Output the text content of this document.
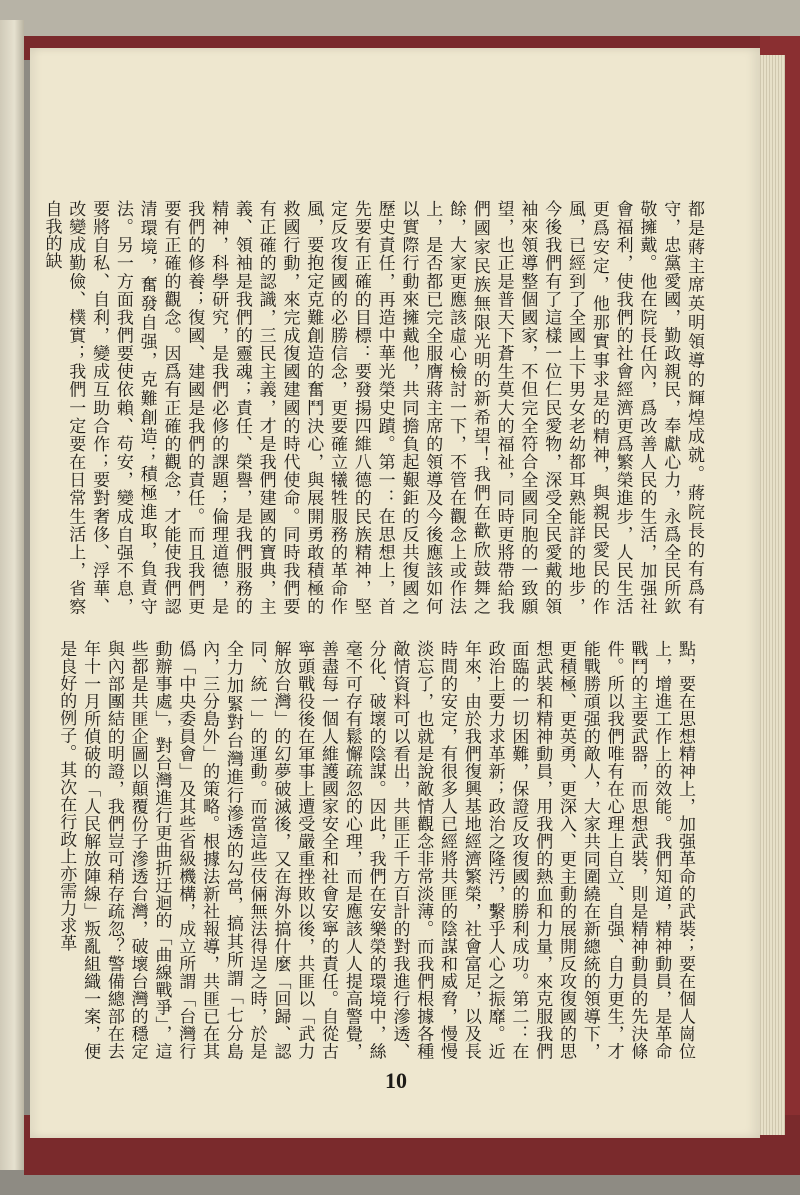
都是蔣主席英明領導的輝煌成就。蔣院長的有爲有守，忠黨愛國，勤政親民，奉獻心力，永爲全民所欽敬擁戴。他在院長任內，爲改善人民的生活，加强社會福利，使我們的社會經濟更爲繁榮進步，人民生活更爲安定，他那實事求是的精神，與親民愛民的作風，已經到了全國上下男女老幼都耳熟能詳的地步，今後我們有了這樣一位仁民愛物，深受全民愛戴的領袖來領導整個國家，不但完全符合全國同胞的一致願望，也正是普天下蒼生莫大的福祉，同時更將帶給我們國家民族無限光明的新希望！我們在歡欣鼓舞之餘，大家更應該虛心檢討一下，不管在觀念上或作法上，是否都已完全服膺蔣主席的領導及今後應該如何以實際行動來擁戴他，共同擔負起艱鉅的反共復國之歷史責任，再造中華光榮史蹟。第一：在思想上，首先要有正確的目標：要發揚四維八德的民族精神，堅定反攻復國的必勝信念，更要確立犧牲服務的革命作風，要抱定克難創造的奮鬥決心，與展開勇敢積極的救國行動，來完成復國建國的時代使命。同時我們要有正確的認識，三民主義，才是我們建國的寶典，主義、領袖是我們的靈魂；責任、榮譽，是我們服務的精神，科學研究，是我們必修的課題；倫理道德，是我們的修養；復國、建國是我們的責任。而且我們更要有正確的觀念。因爲有正確的觀念，才能使我們認清環境，奮發自强，克難創造；積極進取，負責守法。另一方面我們要使依賴、苟安，變成自强不息，要將自私、自利，變成互助合作；要對奢侈、浮華、改變成勤儉、樸實；我們一定要在日常生活上，省察自我的缺
點，要在思想精神上，加强革命的武裝；要在個人崗位上，增進工作上的效能。我們知道，精神動員，是革命戰鬥的主要武器，而思想武裝，則是精神動員的先決條件。所以我們唯有在心理上自立、自强、自力更生，才能戰勝頑强的敵人，大家共同圍繞在新總統的領導下，更積極、更英勇、更深入、更主動的展開反攻復國的思想武裝和精神動員，用我們的熱血和力量，來克服我們面臨的一切困難，保證反攻復國的勝利成功。第二：在政治上要力求革新；政治之隆汚，繫乎人心之振靡。近年來，由於我們復興基地經濟繁榮，社會富足，以及長時間的安定，有很多人已經將共匪的陰謀和威脅，慢慢淡忘了，也就是說敵情觀念非常淡薄。而我們根據各種敵情資料可以看出，共匪正千方百計的對我進行滲透、分化、破壞的陰謀。因此，我們在安樂榮的環境中，絲毫不可存有鬆懈疏忽的心理，而是應該人人提高警覺，善盡每一個人維護國家安全和社會安寧的責任。自從古寧頭戰役後在軍事上遭受嚴重挫敗以後，共匪以「武力解放台灣」的幻夢破滅後，又在海外搞什麼「回歸、認同、統一」的運動。而當這些伎倆無法得逞之時，於是全力加緊對台灣進行滲透的勾當，搞其所謂「七分島內，三分島外」的策略。根據法新社報導，共匪已在其僞「中央委員會」及其些省級機構，成立所謂「台灣行動辦事處」，對台灣進行更曲折迂迴的「曲線戰爭」，這些都是共匪企圖以顛覆份子滲透台灣，破壞台灣的穩定與內部團結的明證，我們豈可稍存疏忽？警備總部在去年十一月所偵破的「人民解放陣線」叛亂組織一案，便是良好的例子。其次在行政上亦需力求革
10
